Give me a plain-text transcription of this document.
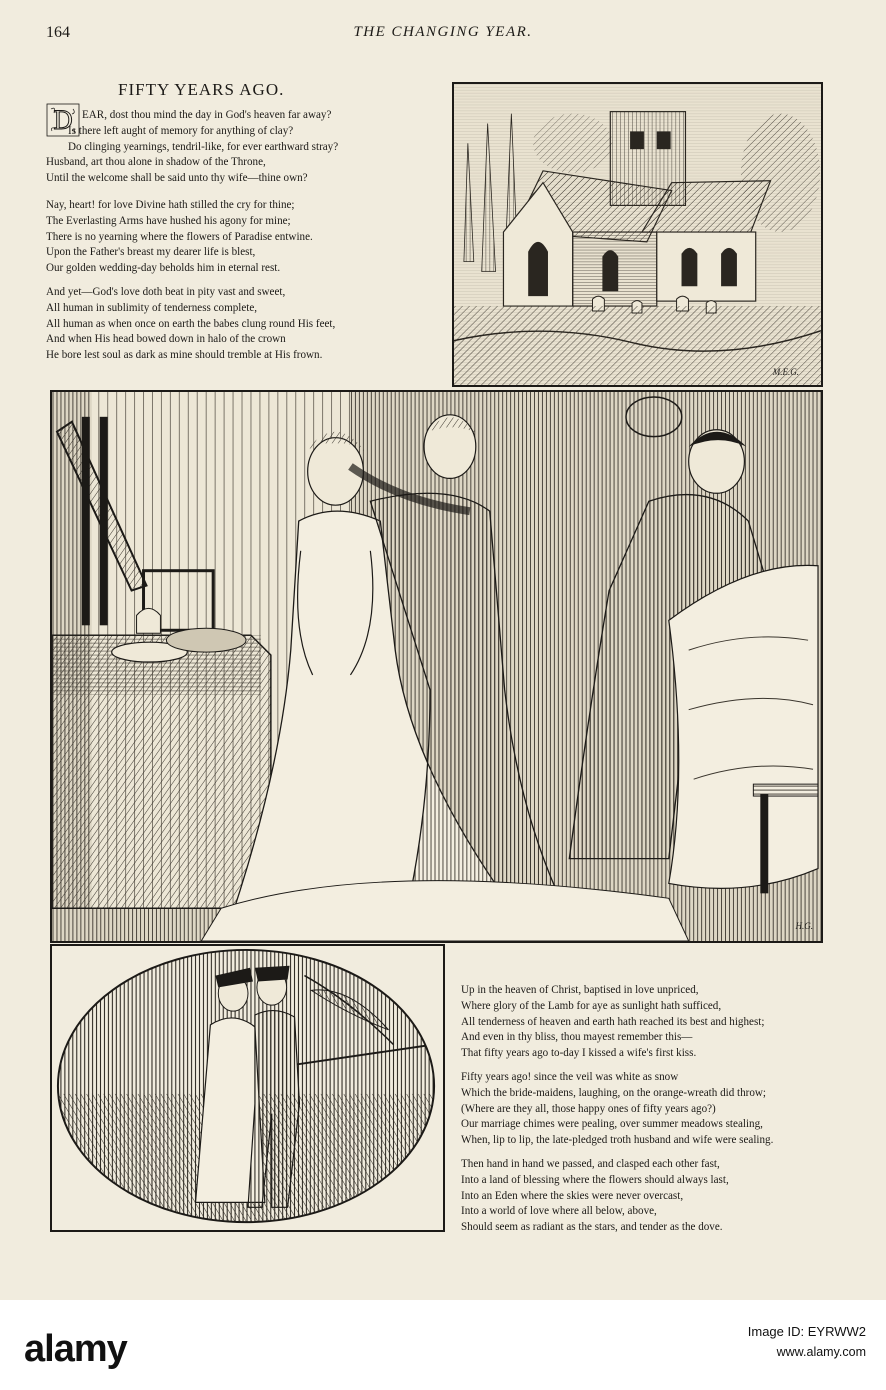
164	THE CHANGING YEAR.
FIFTY YEARS AGO.
D EAR, dost thou mind the day in God's heaven far away?
Is there left aught of memory for anything of clay?
Do clinging yearnings, tendril-like, for ever earthward stray?
Husband, art thou alone in shadow of the Throne,
Until the welcome shall be said unto thy wife—thine own?
Nay, heart! for love Divine hath stilled the cry for thine;
The Everlasting Arms have hushed his agony for mine;
There is no yearning where the flowers of Paradise entwine.
Upon the Father's breast my dearer life is blest,
Our golden wedding-day beholds him in eternal rest.
And yet—God's love doth beat in pity vast and sweet,
All human in sublimity of tenderness complete,
All human as when once on earth the babes clung round His feet,
And when His head bowed down in halo of the crown
He bore lest soul as dark as mine should tremble at His frown.
M.E.G.
H.G.
Up in the heaven of Christ, baptised in love unpriced,
Where glory of the Lamb for aye as sunlight hath sufficed,
All tenderness of heaven and earth hath reached its best and highest;
And even in thy bliss, thou mayest remember this—
That fifty years ago to-day I kissed a wife's first kiss.
Fifty years ago! since the veil was white as snow
Which the bride-maidens, laughing, on the orange-wreath did throw;
(Where are they all, those happy ones of fifty years ago?)
Our marriage chimes were pealing, over summer meadows stealing,
When, lip to lip, the late-pledged troth husband and wife were sealing.
Then hand in hand we passed, and clasped each other fast,
Into a land of blessing where the flowers should always last,
Into an Eden where the skies were never overcast,
Into a world of love where all below, above,
Should seem as radiant as the stars, and tender as the dove.
alamy	Image ID: EYRWW2
www.alamy.com
